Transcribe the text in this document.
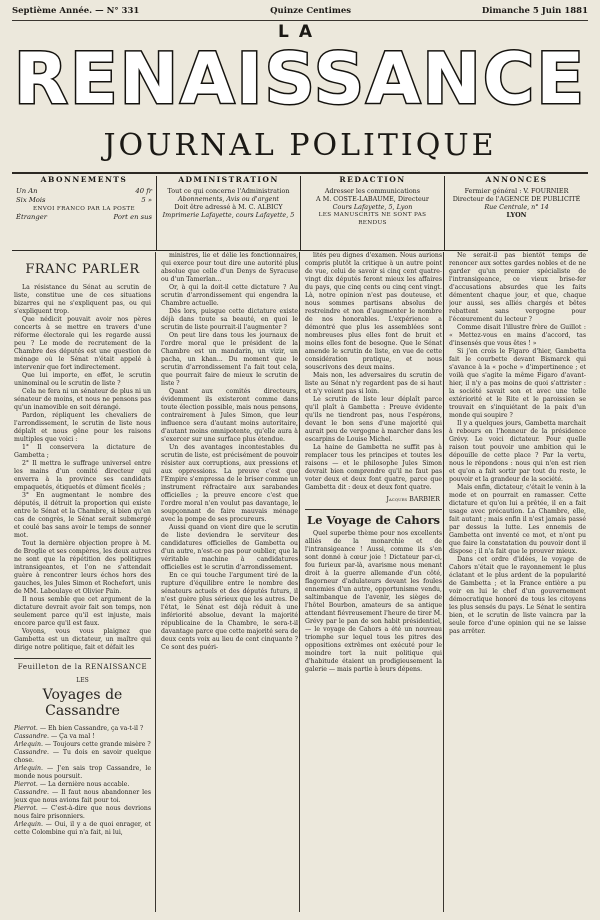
Septième Année. — N° 331	Quinze Centimes	Dimanche 5 Juin 1881
LA
RENAISSANCE
JOURNAL POLITIQUE
ABONNEMENTS
Un An	40 fr
Six Mois	5 »
ENVOI FRANCO PAR LA POSTE
Étranger	Port en sus
ADMINISTRATION
Tout ce qui concerne l'Administration
Abonnements, Avis ou d'argent
Doit être adressé à M. C. ALBICY
Imprimerie Lafayette, cours Lafayette, 5
RÉDACTION
Adresser les communications
A M. COSTE-LABAUME, Directeur
Cours Lafayette, 5, Lyon
LES MANUSCRITS NE SONT PAS RENDUS
ANNONCES
Fermier général : V. FOURNIER
Directeur de l'AGENCE DE PUBLICITÉ
Rue Centrale, n° 14
LYON
FRANC PARLER

La résistance du Sénat au scrutin de liste, constitue une de ces situations bizarres qui ne s'expliquent pas, ou qui s'expliquent trop.

Que nédicit pouvait avoir nos pères concerts à se mettre en travers d'une réforme électorale qui les regarde aussi peu ? Le mode de recrutement de la Chambre des députés est une question de ménage où le Sénat n'était appelé à intervenir que fort indirectement.

Que lui importe, en effet, le scrutin uninominal ou le scrutin de liste ?

Cela ne fera ni un sénateur de plus ni un sénateur de moins, et nous ne pensons pas qu'un inamovible en soit dérangé.

Pardon, répliquent les chevaliers de l'arrondissement, le scrutin de liste nous déplaît et nous gêne pour les raisons multiples que voici :

1° Il conservera la dictature de Gambetta ;

2° Il mettra le suffrage universel entre les mains d'un comité directeur qui enverra à la province ses candidats empaquetés, étiquetés et dûment ficelés ;

3° En augmentant le nombre des députés, il détruit la proportion qui existe entre le Sénat et la Chambre, si bien qu'en cas de congrès, le Sénat serait submergé et coulé bas sans avoir le temps de sonner mot.

Tout la dernière objection propre à M. de Broglie et ses compères, les deux autres ne sont que la répétition des politiques intransigeantes, et l'on ne s'attendait guère à rencontrer leurs échos hors des gauches, les Jules Simon et Rochefort, unis de MM. Laboulaye et Olivier Pain.

Il nous semble que cet argument de la dictature devrait avoir fait son temps, non seulement parce qu'il est injuste, mais encore parce qu'il est faux.

Voyons, vous vous plaignez que Gambetta est un dictateur, un maître qui dirige notre politique, fait et défait les

Feuilleton de la RENAISSANCE
LES
Voyages de Cassandre

Pierrot. — Eh bien Cassandre, ça va-t-il ?

Cassandre. — Ça va mal !

Arlequin. — Toujours cette grande misère ?

Cassandre. — Tu dois en savoir quelque chose.

Arlequin. — J'en sais trop Cassandre, le monde nous poursuit.

Pierrot. — La dernière nous accable.

Cassandre. — Il faut nous abandonner les jeux que nous avions fait pour toi.

Pierrot. — C'est-à-dire que nous devrions nous faire prisonniers.

Arlequin. — Oui, il y a de quoi enrager, et cette Colombine qui n'a fait, ni lui,

ministres, lie et délie les fonctionnaires, qui exerce pour tout dire une autorité plus absolue que celle d'un Denys de Syracuse ou d'un Tamerlan...

Or, à qui la doit-il cette dictature ? Au scrutin d'arrondissement qui engendra la Chambre actuelle.

Dès lors, puisque cette dictature existe déjà dans toute sa beauté, en quoi le scrutin de liste pourrait-il l'augmenter ?

On peut lire dans tous les journaux de l'ordre moral que le président de la Chambre est un mandarin, un vizir, un pacha, un khan... Du moment que le scrutin d'arrondissement l'a fait tout cela, que pourrait faire de mieux le scrutin de liste ?

Quant aux comités directeurs, évidemment ils existeront comme dans toute élection possible, mais nous pensons, contrairement à Jules Simon, que leur influence sera d'autant moins autoritaire, d'autant moins omnipotente, qu'elle aura à s'exercer sur une surface plus étendue.

Un des avantages incontestables du scrutin de liste, est précisément de pouvoir résister aux corruptions, aux pressions et aux oppressions. La preuve c'est que l'Empire s'empressa de le briser comme un instrument réfractaire aux sarabandes officielles ; la preuve encore c'est que l'ordre moral n'en voulut pas davantage, le soupçonnant de faire mauvais ménage avec la pompe de ses procureurs.

Aussi quand on vient dire que le scrutin de liste deviendra le serviteur des candidatures officielles de Gambetta ou d'un autre, n'est-ce pas pour oublier, que la véritable machine à candidatures officielles est le scrutin d'arrondissement.

En ce qui touche l'argument tiré de la rupture d'équilibre entre le nombre des sénateurs actuels et des députés futurs, il n'est guère plus sérieux que les autres. De l'état, le Sénat est déjà réduit à une infériorité absolue, devant la majorité républicaine de la Chambre, le sera-t-il davantage parce que cette majorité sera de deux cents voix au lieu de cent cinquante ? Ce sont des puéri-

lités peu dignes d'examen. Nous aurions compris plutôt la critique à un autre point de vue, celui de savoir si cinq cent quatre-vingt dix députés feront mieux les affaires du pays, que cinq cents ou cinq cent vingt. Là, notre opinion n'est pas douteuse, et nous sommes partisans absolus de restreindre et non d'augmenter le nombre de nos honorables. L'expérience a démontré que plus les assemblées sont nombreuses plus elles font de bruit et moins elles font de besogne. Que le Sénat amende le scrutin de liste, en vue de cette considération pratique, et nous souscrivons des deux mains.

Mais non, les adversaires du scrutin de liste au Sénat n'y regardent pas de si haut et n'y voient pas si loin.

Le scrutin de liste leur déplaît parce qu'il plaît à Gambetta : Preuve évidente qu'ils ne tiendront pas, nous l'espérons, devant le bon sens d'une majorité qui aurait peu de vergogne à marcher dans les escarpins de Louise Michel.

La haine de Gambetta ne suffit pas à remplacer tous les principes et toutes les raisons — et le philosophe Jules Simon devrait bien comprendre qu'il ne faut pas voter deux et deux font quatre, parce que Gambetta dit : deux et deux font quatre.

Jacques BARBIER
Le Voyage de Cahors

Quel superbe thème pour nos excellents alliés de la monarchie et de l'intransigeance ! Aussi, comme ils s'en sont donné à cœur joie ! Dictateur par-ci, fou furieux par-là, avarisme nous menant droit à la guerre allemande d'un côté, flagorneur d'adulateurs devant les foules ennemies d'un autre, opportunisme vendu, saltimbanque de l'avenir, les sièges de l'hôtel Bourbon, amateurs de sa antique attendant fiévreusement l'heure de tirer M. Grévy par le pan de son habit présidentiel, — le voyage de Cahors a été un nouveau triomphe sur lequel tous les pitres des oppositions extrêmes ont exécuté pour le moindre tort la nuit politique qui d'habitude étaient un prodigieusement la galerie — mais partie à leurs dépens.

Ne serait-il pas bientôt temps de renoncer aux sottes gardes nobles et de ne garder qu'un premier spécialiste de l'intransigeance, ce vieux brise-fer d'accusations absurdes que les faits démentent chaque jour, et que, chaque jour aussi, ses alliés chargés et bêtes rebattent sans vergogne pour l'écœurement du lecteur ?

Comme disait l'illustre frère de Guillot : « Mettez-vous en mains d'accord, tas d'insensés que vous êtes ! »

Si j'en crois le Figaro d'hier, Gambetta fait le courbette devant Bismarck qui s'avance à la « poche » d'impertinence ; et voilà que s'agite la même Figaro d'avant-hier, il n'y a pas moins de quoi s'attrister : la société savait son et avec une telle extériorité et le Rite et le paroissien se trouvait en s'inquiétant de la paix d'un monde qui soupire ?

Il y a quelques jours, Gambetta marchait à rebours en l'honneur de la présidence Grévy. Le voici dictateur. Pour quelle raison tout pouvoir une ambition qui le dépouille de cette place ? Par la vertu, nous le répondons : nous qui n'en est rien et qu'on a fait sortir par tout du reste, le pouvoir et la grandeur de la société.

Mais enfin, dictateur, c'était le venin à la mode et on pourrait en ramasser. Cette dictature et qu'on lui a prêtée, il en a fait usage avec précaution. La Chambre, elle, fait autant ; mais enfin il n'est jamais passé par dessus la lutte. Les ennemis de Gambetta ont inventé ce mot, et n'ont pu que faire la constatation du pouvoir dont il dispose ; il n'a fait que le prouver mieux.

Dans cet ordre d'idées, le voyage de Cahors n'était que le rayonnement le plus éclatant et le plus ardent de la popularité de Gambetta ; et la France entière a pu voir en lui le chef d'un gouvernement démocratique honoré de tous les citoyens les plus sensés du pays. Le Sénat le sentira bien, et le scrutin de liste vaincra par la seule force d'une opinion qui ne se laisse pas arrêter.
